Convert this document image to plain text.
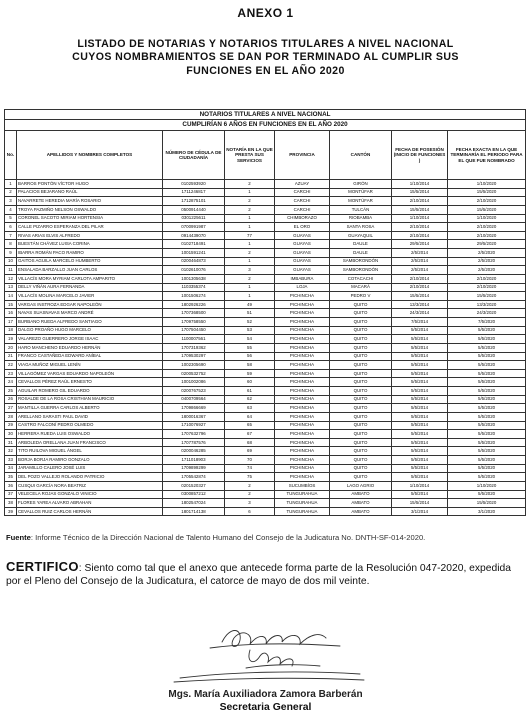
ANEXO 1
LISTADO DE NOTARIAS Y NOTARIOS TITULARES A NIVEL NACIONAL
CUYOS NOMBRAMIENTOS SE DAN POR TERMINADO AL CUMPLIR SUS
FUNCIONES EN EL AÑO 2020
NOTARIOS TITULARES A NIVEL NACIONAL							
CUMPLIRÍAN 6 AÑOS EN FUNCIONES EN EL AÑO 2020							
No.	APELLIDOS Y NOMBRES COMPLETOS	NÚMERO DE CÉDULA DE CIUDADANÍA	NOTARÍA EN LA QUE PRESTA SUS SERVICIOS	PROVINCIA	CANTÓN	FECHA DE POSESIÓN (INICIO DE FUNCIONES )	FECHA EXACTA EN LA QUE TERMINARÍA EL PERIODO PARA EL QUE FUE NOMBRADO
1	BARROS PONTÓN VÍCTOR HUGO	0102593920	2	AZUAY	GIRÓN	1/10/2014	1/10/2020
2	PALACIOS BEJARANO RAÚL	1711246817	1	CARCHI	MONTÚFAR	15/5/2014	15/5/2020
3	NAVARRETE HEREDIA MARÍA ROSARIO	1712875101	2	CARCHI	MONTÚFAR	2/10/2014	2/10/2020
4	TROYA PAZMIÑO NELSON OSWALDO	0500914440	2	CARCHI	TULCÁN	15/5/2014	15/5/2020
5	CORONEL SACOTO MIRIAM HORTENSIA	0301225611	1	CHIMBORAZO	RIOBAMBA	1/10/2014	1/10/2020
6	CALLE PIZARRO ESPERANZA DEL PILAR	0700991987	1	EL ORO	SANTA ROSA	2/10/2014	2/10/2020
7	RIVAS ARIAS ELVIS ALFREDO	0914439070	77	GUAYAS	GUAYAQUIL	2/10/2014	2/10/2020
8	BUESTÁN CHÁVEZ LUISA CORINA	0102718491	1	GUAYAS	DAULE	29/5/2014	29/5/2020
9	IBARRA ROMÁN PACO RAMIRO	1001591241	2	GUAYAS	DAULE	2/5/2014	2/5/2020
10	GAITOS AGUILA MARCELO HUMBERTO	0200464873	1	GUAYAS	SAMBORONDÓN	2/5/2014	2/5/2020
11	ENSALADA BARZALLO JUAN CARLOS	0102610076	3	GUAYAS	SAMBORONDÓN	2/5/2014	2/5/2020
12	VILLACÍS MORA MYRIAM CARLOTA AMPARITO	1001305638	2	IMBABURA	COTACACHI	2/10/2014	2/10/2020
13	DELLY VIÑÁN AURA FERNANDA	1103355374	1	LOJA	MACARÁ	2/10/2014	2/10/2020
14	VILLACÍS MOLINA MARCELO JAVIER	1001506274	1	PICHINCHA	PEDRO V	15/5/2014	15/5/2020
15	VARGAS INSTROZA EDGAR NAPOLEÓN	1802926226	49	PICHINCHA	QUITO	13/3/2014	13/3/2020
16	NAVAS SUASNAVAS MARCO ANDRÉ	1707368500	51	PICHINCHA	QUITO	24/3/2014	24/3/2020
17	BURBANO RUEDA ALFREDO SANTIAGO	1709758550	52	PICHINCHA	QUITO	7/5/2014	7/5/2020
18	DALGO PROAÑO HUGO MARCELO	1707504450	53	PICHINCHA	QUITO	5/5/2014	5/5/2020
19	VALAREZO GUERRERO JORGE ISAAC	1100007561	54	PICHINCHA	QUITO	5/5/2014	5/5/2020
20	HARO MANCHENO EDUARDO HERNÁN	1707319362	55	PICHINCHA	QUITO	5/5/2014	5/5/2020
21	FRANCO CASTAÑEDA EDWARD ANÍBAL	1709530297	56	PICHINCHA	QUITO	5/5/2014	5/5/2020
22	VIAGA MUÑOZ MIGUEL LENÍN	1002305690	58	PICHINCHA	QUITO	5/5/2014	5/5/2020
23	VILLAGÓMEZ VARGAS EDUARDO NAPOLEÓN	0200532752	59	PICHINCHA	QUITO	5/5/2014	5/5/2020
24	CEVALLOS PÉREZ RAÚL ERNESTO	1001002086	60	PICHINCHA	QUITO	5/5/2014	5/5/2020
25	AGUILAR ROMERO GIL EDUARDO	0200767523	61	PICHINCHA	QUITO	5/5/2014	5/5/2020
26	ROSALDE DE LA ROSA CRISTHIAN MAURICIO	0400709564	62	PICHINCHA	QUITO	5/5/2014	5/5/2020
27	MANTILLA GUERRA CARLOS ALBERTO	1709866669	63	PICHINCHA	QUITO	5/5/2014	5/5/2020
28	ARELLANO SARASTI PAUL DAVID	1800016367	64	PICHINCHA	QUITO	5/5/2014	5/5/2020
29	CASTRO FALCONÍ PEDRO OLMEDO	1710076927	65	PICHINCHA	QUITO	5/5/2014	5/5/2020
30	HERRERA RUEDA LUIS OSWALDO	1707632796	67	PICHINCHA	QUITO	5/5/2014	5/5/2020
31	ARBOLEDA ORELLANA JUAN FRANCISCO	1707787576	68	PICHINCHA	QUITO	5/5/2014	5/5/2020
32	TITO RUILOVA MIGUEL ÁNGEL	0200046285	69	PICHINCHA	QUITO	5/5/2014	5/5/2020
33	BORJA BORJA RAMIRO GONZALO	1711018903	70	PICHINCHA	QUITO	5/5/2014	5/5/2020
34	JARAMILLO CALERO JOSÉ LUIS	1709899299	74	PICHINCHA	QUITO	5/5/2014	5/5/2020
35	DEL POZO VALLEJO ROLANDO PATRICIO	1705542874	75	PICHINCHA	QUITO	5/5/2014	5/5/2020
36	CUSQUI GARCÍA NORA BEATRIZ	0201520327	2	SUCUMBÍOS	LAGO AGRIO	1/10/2014	1/10/2020
37	VELECELA ROJAS GONZALO VINICIO	0300857212	2	TUNGURAHUA	AMBATO	5/5/2014	5/5/2020
38	FLORES YAREA ALVARO ABRAHAN	1802547024	3	TUNGURAHUA	AMBATO	15/5/2014	15/5/2020
39	CEVALLOS RUIZ CARLOS HERNÁN	1801714138	6	TUNGURAHUA	AMBATO	3/1/2014	3/1/2020
Fuente: Informe Técnico de la Dirección Nacional de Talento Humano del Consejo de la Judicatura No. DNTH-SF-014-2020.
CERTIFICO: Siento como tal que el anexo que antecede forma parte de la Resolución 047-2020, expedida por el Pleno del Consejo de la Judicatura, el catorce de mayo de dos mil veinte.
Mgs. María Auxiliadora Zamora Barberán
Secretaria General
